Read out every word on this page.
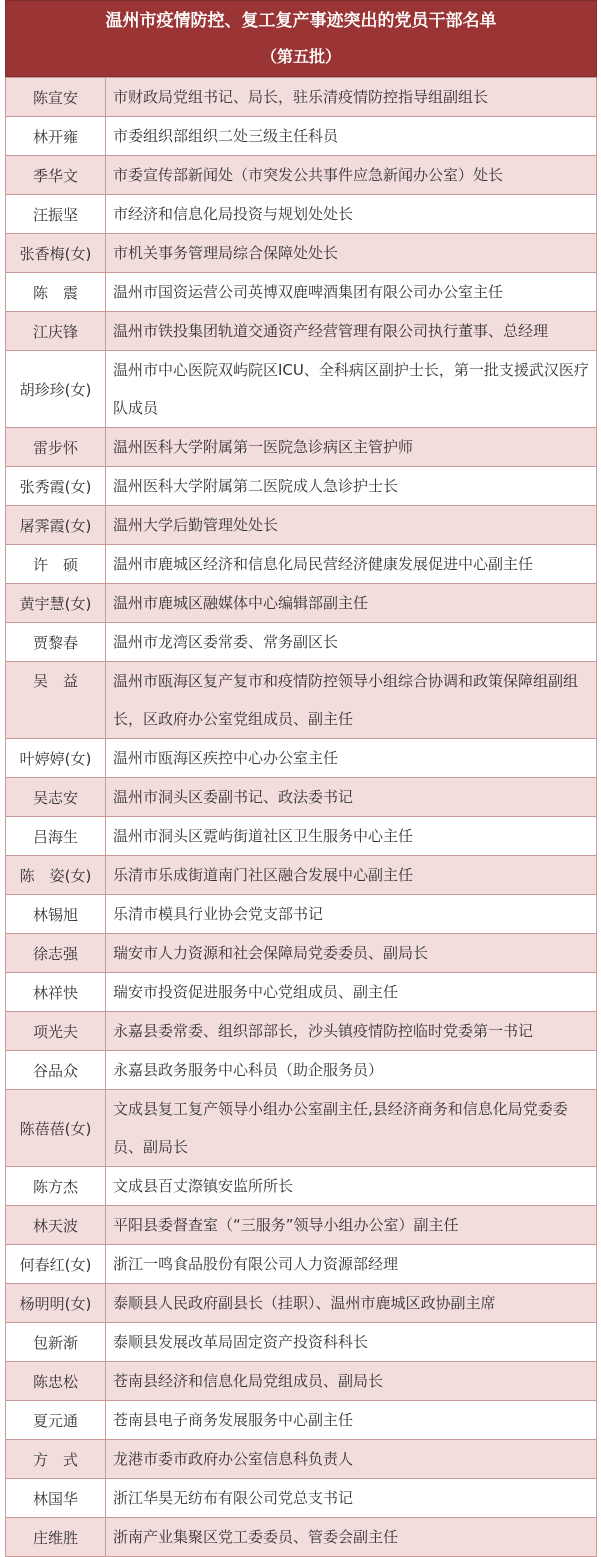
温州市疫情防控、复工复产事迹突出的党员干部名单
（第五批）
陈宣安	市财政局党组书记、局长，驻乐清疫情防控指导组副组长
林开雍	市委组织部组织二处三级主任科员
季华文	市委宣传部新闻处（市突发公共事件应急新闻办公室）处长
汪振坚	市经济和信息化局投资与规划处处长
张香梅(女)	市机关事务管理局综合保障处处长
陈　震	温州市国资运营公司英博双鹿啤酒集团有限公司办公室主任
江庆锋	温州市铁投集团轨道交通资产经营管理有限公司执行董事、总经理
胡珍珍(女)	温州市中心医院双屿院区ICU、全科病区副护士长，第一批支援武汉医疗队成员
雷步怀	温州医科大学附属第一医院急诊病区主管护师
张秀霞(女)	温州医科大学附属第二医院成人急诊护士长
屠霁霞(女)	温州大学后勤管理处处长
许　硕	温州市鹿城区经济和信息化局民营经济健康发展促进中心副主任
黄宇慧(女)	温州市鹿城区融媒体中心编辑部副主任
贾黎春	温州市龙湾区委常委、常务副区长
吴　益	温州市瓯海区复产复市和疫情防控领导小组综合协调和政策保障组副组长，区政府办公室党组成员、副主任
叶婷婷(女)	温州市瓯海区疾控中心办公室主任
吴志安	温州市洞头区委副书记、政法委书记
吕海生	温州市洞头区霓屿街道社区卫生服务中心主任
陈　姿(女)	乐清市乐成街道南门社区融合发展中心副主任
林锡旭	乐清市模具行业协会党支部书记
徐志强	瑞安市人力资源和社会保障局党委委员、副局长
林祥快	瑞安市投资促进服务中心党组成员、副主任
项光夫	永嘉县委常委、组织部部长，沙头镇疫情防控临时党委第一书记
谷品众	永嘉县政务服务中心科员（助企服务员）
陈蓓蓓(女)	文成县复工复产领导小组办公室副主任,县经济商务和信息化局党委委员、副局长
陈方杰	文成县百丈漈镇安监所所长
林天波	平阳县委督查室（“三服务”领导小组办公室）副主任
何春红(女)	浙江一鸣食品股份有限公司人力资源部经理
杨明明(女)	泰顺县人民政府副县长（挂职）、温州市鹿城区政协副主席
包新渐	泰顺县发展改革局固定资产投资科科长
陈忠松	苍南县经济和信息化局党组成员、副局长
夏元通	苍南县电子商务发展服务中心副主任
方　式	龙港市委市政府办公室信息科负责人
林国华	浙江华昊无纺布有限公司党总支书记
庄维胜	浙南产业集聚区党工委委员、管委会副主任
